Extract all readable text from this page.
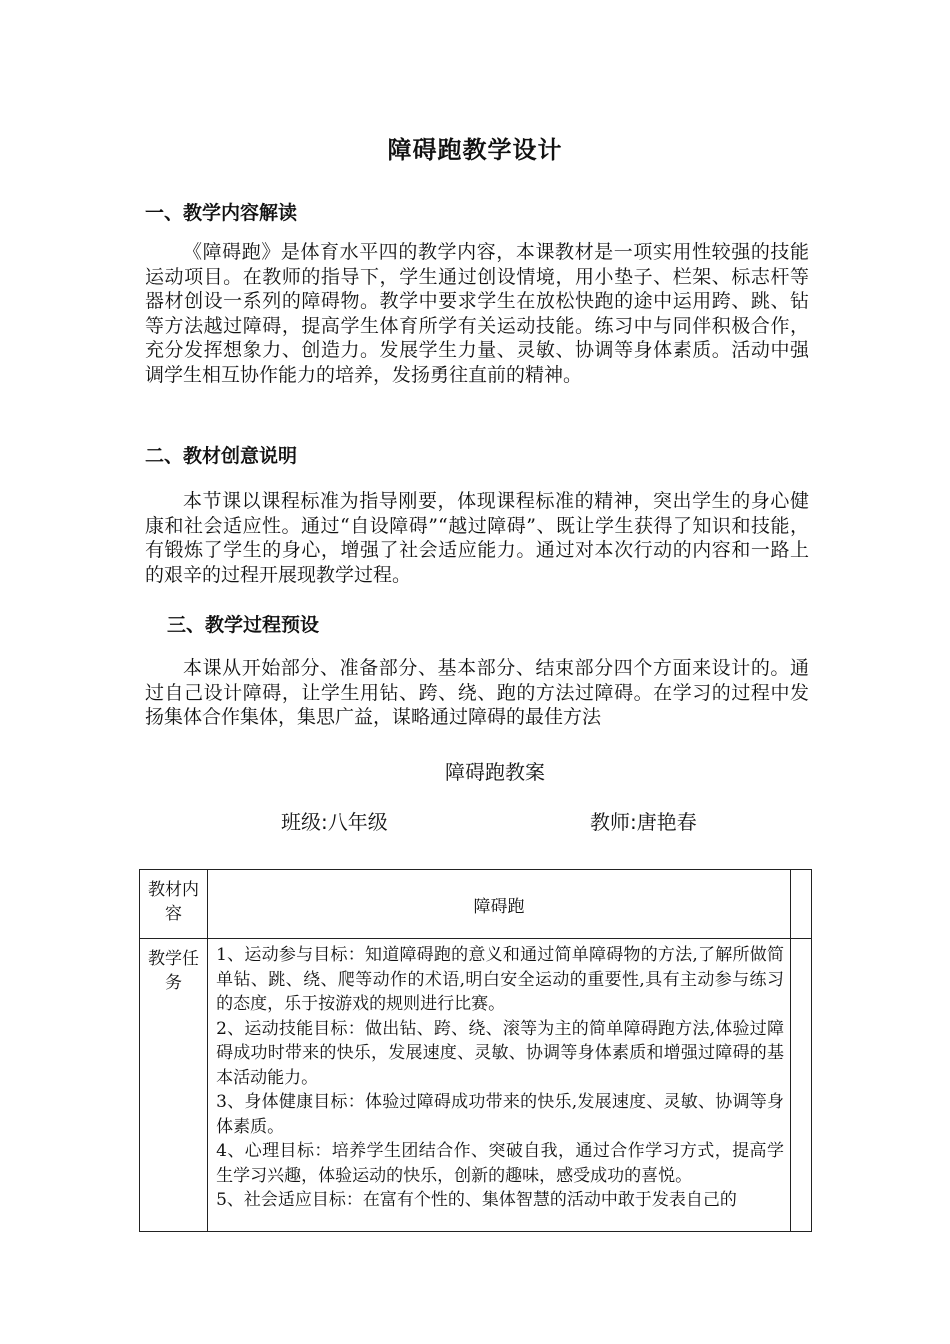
障碍跑教学设计
一、教学内容解读

《障碍跑》是体育水平四的教学内容，本课教材是一项实用性较强的技能运动项目。在教师的指导下，学生通过创设情境，用小垫子、栏架、标志杆等器材创设一系列的障碍物。教学中要求学生在放松快跑的途中运用跨、跳、钻等方法越过障碍，提高学生体育所学有关运动技能。练习中与同伴积极合作，充分发挥想象力、创造力。发展学生力量、灵敏、协调等身体素质。活动中强调学生相互协作能力的培养，发扬勇往直前的精神。

二、教材创意说明

本节课以课程标准为指导刚要，体现课程标准的精神，突出学生的身心健康和社会适应性。通过“自设障碍”“越过障碍”、既让学生获得了知识和技能，有锻炼了学生的身心，增强了社会适应能力。通过对本次行动的内容和一路上的艰辛的过程开展现教学过程。

三、教学过程预设

本课从开始部分、准备部分、基本部分、结束部分四个方面来设计的。通过自己设计障碍，让学生用钻、跨、绕、跑的方法过障碍。在学习的过程中发扬集体合作集体，集思广益，谋略通过障碍的最佳方法

障碍跑教案
班级:八年级	教师:唐艳春
教材内容	障碍跑	
教学任务	1、运动参与目标：知道障碍跑的意义和通过简单障碍物的方法,了解所做简单钻、跳、绕、爬等动作的术语,明白安全运动的重要性,具有主动参与练习的态度，乐于按游戏的规则进行比赛。

2、运动技能目标：做出钻、跨、绕、滚等为主的简单障碍跑方法,体验过障碍成功时带来的快乐，发展速度、灵敏、协调等身体素质和增强过障碍的基本活动能力。

3、身体健康目标：体验过障碍成功带来的快乐,发展速度、灵敏、协调等身体素质。

4、心理目标：培养学生团结合作、突破自我，通过合作学习方式，提高学生学习兴趣，体验运动的快乐，创新的趣味，感受成功的喜悦。

5、社会适应目标：在富有个性的、集体智慧的活动中敢于发表自己的	
